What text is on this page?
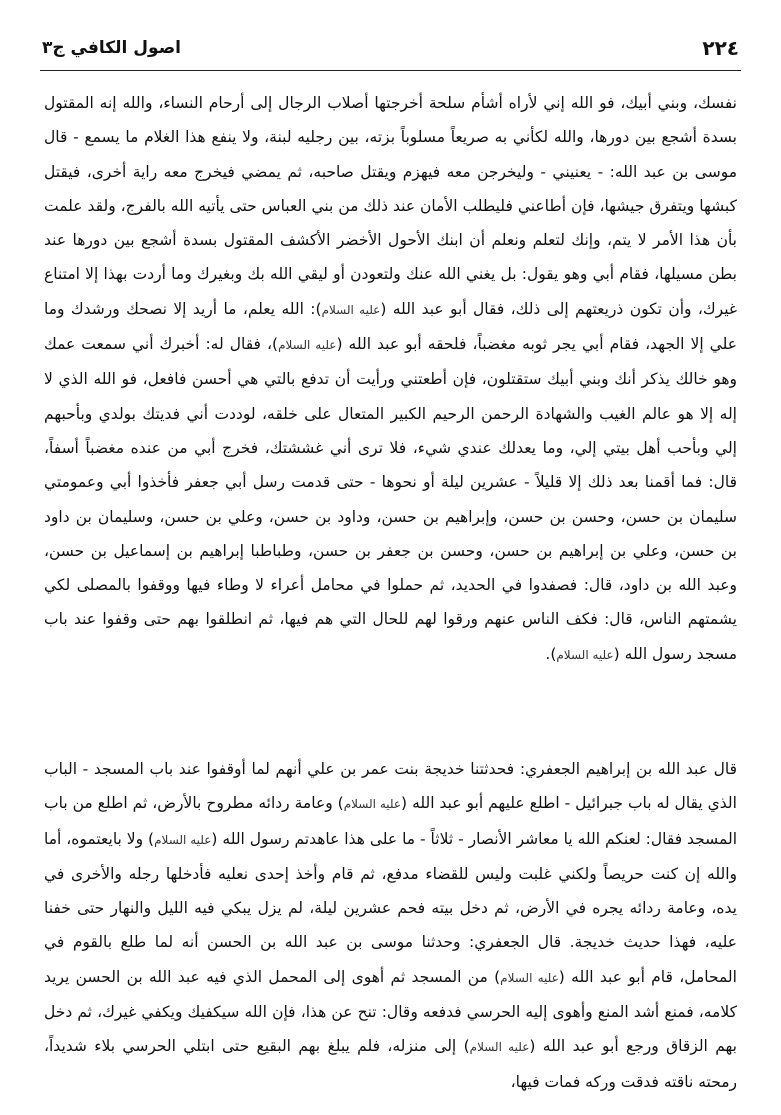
٢٢٤
اصول الكافي ج٣

نفسك، وبني أبيك، فو الله إني لأراه أشأم سلحة أخرجتها أصلاب الرجال إلى أرحام النساء، والله إنه المقتول بسدة أشجع بين دورها، والله لكأني به صريعاً مسلوباً بزته، بين رجليه لبنة، ولا ينفع هذا الغلام ما يسمع - قال موسى بن عبد الله: - يعنيني - وليخرجن معه فيهزم ويقتل صاحبه، ثم يمضي فيخرج معه راية أخرى، فيقتل كبشها ويتفرق جيشها، فإن أطاعني فليطلب الأمان عند ذلك من بني العباس حتى يأتيه الله بالفرج، ولقد علمت بأن هذا الأمر لا يتم، وإنك لتعلم ونعلم أن ابنك الأحول الأخضر الأكشف المقتول بسدة أشجع بين دورها عند بطن مسيلها، فقام أبي وهو يقول: بل يغني الله عنك ولتعودن أو ليقي الله بك وبغيرك وما أردت بهذا إلا امتناع غيرك، وأن تكون ذريعتهم إلى ذلك، فقال أبو عبد الله (عليه السلام): الله يعلم، ما أريد إلا نصحك ورشدك وما علي إلا الجهد، فقام أبي يجر ثوبه مغضباً، فلحقه أبو عبد الله (عليه السلام)، فقال له: أخبرك أني سمعت عمك وهو خالك يذكر أنك وبني أبيك ستقتلون، فإن أطعتني ورأيت أن تدفع بالتي هي أحسن فافعل، فو الله الذي لا إله إلا هو عالم الغيب والشهادة الرحمن الرحيم الكبير المتعال على خلقه، لوددت أني فديتك بولدي وبأحبهم إلي وبأحب أهل بيتي إلي، وما يعدلك عندي شيء، فلا ترى أني غششتك، فخرج أبي من عنده مغضباً أسفاً، قال: فما أقمنا بعد ذلك إلا قليلاً - عشرين ليلة أو نحوها - حتى قدمت رسل أبي جعفر فأخذوا أبي وعمومتي سليمان بن حسن، وحسن بن حسن، وإبراهيم بن حسن، وداود بن حسن، وعلي بن حسن، وسليمان بن داود بن حسن، وعلي بن إبراهيم بن حسن، وحسن بن جعفر بن حسن، وطباطبا إبراهيم بن إسماعيل بن حسن، وعبد الله بن داود، قال: فصفدوا في الحديد، ثم حملوا في محامل أعراء لا وطاء فيها ووقفوا بالمصلى لكي يشمتهم الناس، قال: فكف الناس عنهم ورقوا لهم للحال التي هم فيها، ثم انطلقوا بهم حتى وقفوا عند باب مسجد رسول الله (عليه السلام).

قال عبد الله بن إبراهيم الجعفري: فحدثتنا خديجة بنت عمر بن علي أنهم لما أوقفوا عند باب المسجد - الباب الذي يقال له باب جبرائيل - اطلع عليهم أبو عبد الله (عليه السلام) وعامة ردائه مطروح بالأرض، ثم اطلع من باب المسجد فقال: لعنكم الله يا معاشر الأنصار - ثلاثاً - ما على هذا عاهدتم رسول الله (عليه السلام) ولا بايعتموه، أما والله إن كنت حريصاً ولكني غلبت وليس للقضاء مدفع، ثم قام وأخذ إحدى نعليه فأدخلها رجله والأخرى في يده، وعامة ردائه يجره في الأرض، ثم دخل بيته فحم عشرين ليلة، لم يزل يبكي فيه الليل والنهار حتى خفنا عليه، فهذا حديث خديجة. قال الجعفري: وحدثنا موسى بن عبد الله بن الحسن أنه لما طلع بالقوم في المحامل، قام أبو عبد الله (عليه السلام) من المسجد ثم أهوى إلى المحمل الذي فيه عبد الله بن الحسن يريد كلامه، فمنع أشد المنع وأهوى إليه الحرسي فدفعه وقال: تنح عن هذا، فإن الله سيكفيك ويكفي غيرك، ثم دخل بهم الزقاق ورجع أبو عبد الله (عليه السلام) إلى منزله، فلم يبلغ بهم البقيع حتى ابتلي الحرسي بلاء شديداً، رمحته ناقته فدقت وركه فمات فيها،
